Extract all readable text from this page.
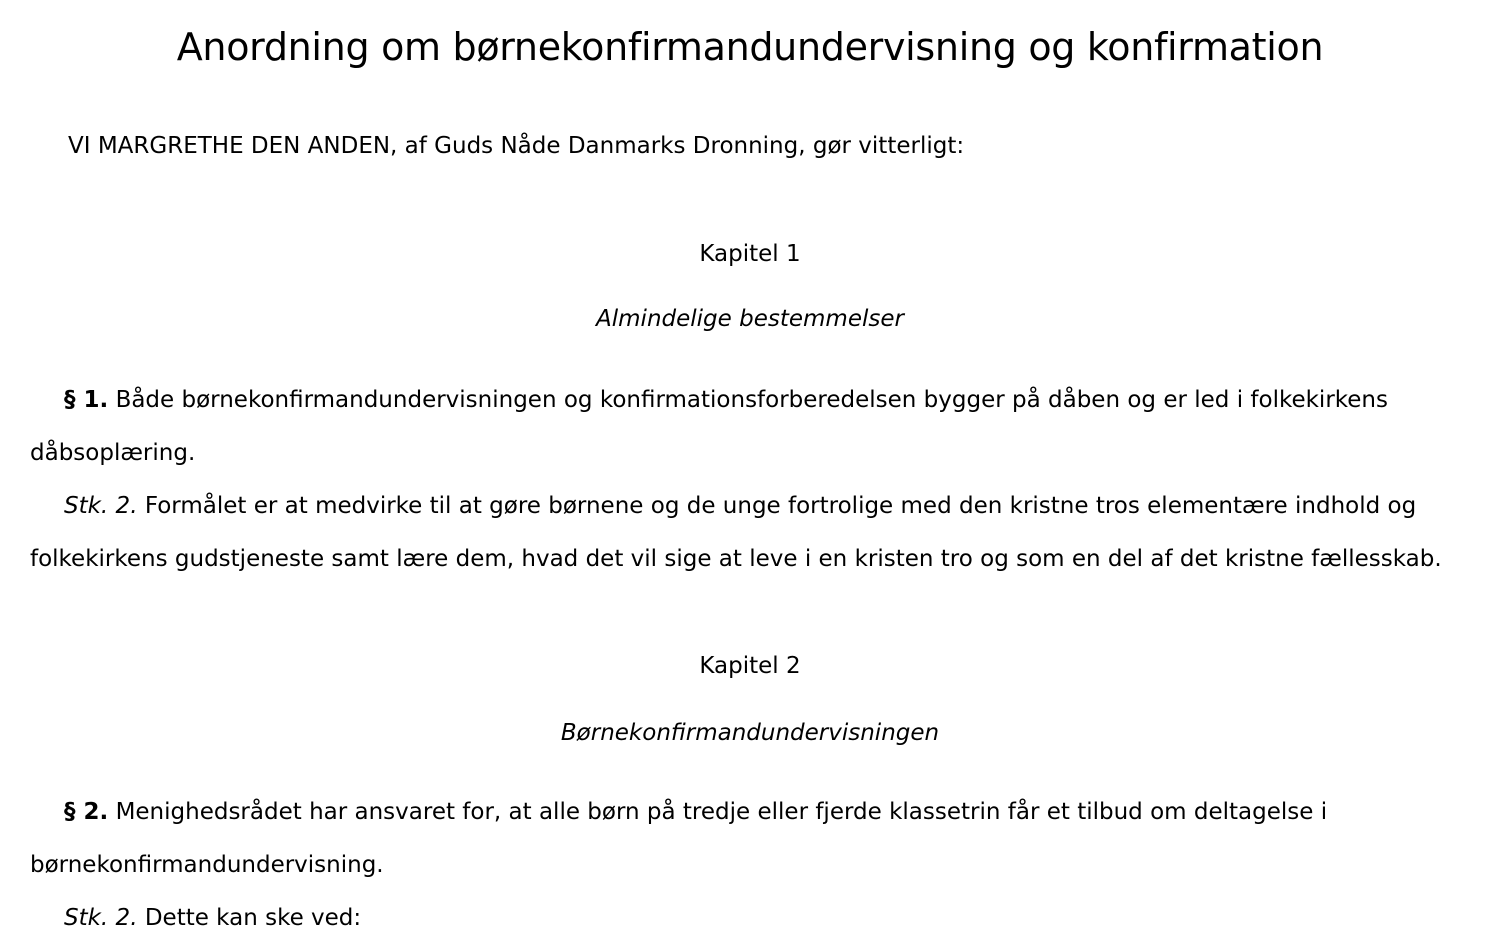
Anordning om børnekonfirmandundervisning og konfirmation

VI MARGRETHE DEN ANDEN, af Guds Nåde Danmarks Dronning, gør vitterligt:

Kapitel 1

Almindelige bestemmelser

§ 1. Både børnekonfirmandundervisningen og konfirmationsforberedelsen bygger på dåben og er led i folkekirkens dåbsoplæring.

Stk. 2. Formålet er at medvirke til at gøre børnene og de unge fortrolige med den kristne tros elementære indhold og folkekirkens gudstjeneste samt lære dem, hvad det vil sige at leve i en kristen tro og som en del af det kristne fællesskab.

Kapitel 2

Børnekonfirmandundervisningen

§ 2. Menighedsrådet har ansvaret for, at alle børn på tredje eller fjerde klassetrin får et tilbud om deltagelse i børnekonfirmandundervisning.

Stk. 2. Dette kan ske ved:
